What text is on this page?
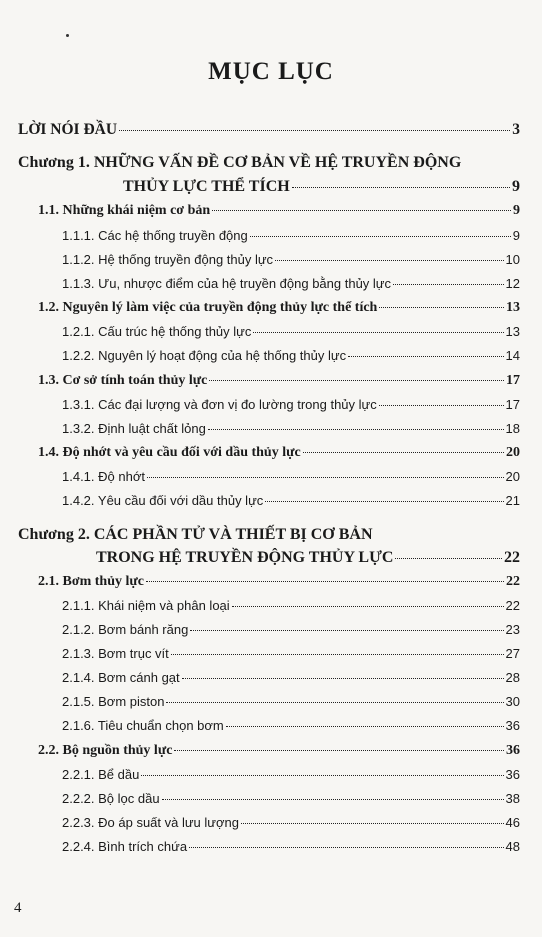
MỤC LỤC
LỜI NÓI ĐẦU	3
Chương 1. NHỮNG VẤN ĐỀ CƠ BẢN VỀ HỆ TRUYỀN ĐỘNG
THỦY LỰC THỂ TÍCH	9
1.1. Những khái niệm cơ bản	9
1.1.1. Các hệ thống truyền động	9
1.1.2. Hệ thống truyền động thủy lực	10
1.1.3. Ưu, nhược điểm của hệ truyền động bằng thủy lực	12
1.2. Nguyên lý làm việc của truyền động thủy lực thể tích	13
1.2.1. Cấu trúc hệ thống thủy lực	13
1.2.2. Nguyên lý hoạt động của hệ thống thủy lực	14
1.3. Cơ sở tính toán thủy lực	17
1.3.1. Các đại lượng và đơn vị đo lường trong thủy lực	17
1.3.2. Định luật chất lỏng	18
1.4. Độ nhớt và yêu cầu đối với dầu thủy lực	20
1.4.1. Độ nhớt	20
1.4.2. Yêu cầu đối với dầu thủy lực	21
Chương 2. CÁC PHẦN TỬ VÀ THIẾT BỊ CƠ BẢN
TRONG HỆ TRUYỀN ĐỘNG THỦY LỰC	22
2.1. Bơm thủy lực	22
2.1.1. Khái niệm và phân loại	22
2.1.2. Bơm bánh răng	23
2.1.3. Bơm trục vít	27
2.1.4. Bơm cánh gạt	28
2.1.5. Bơm piston	30
2.1.6. Tiêu chuẩn chọn bơm	36
2.2. Bộ nguồn thủy lực	36
2.2.1. Bể dầu	36
2.2.2. Bộ lọc dầu	38
2.2.3. Đo áp suất và lưu lượng	46
2.2.4. Bình trích chứa	48
4
